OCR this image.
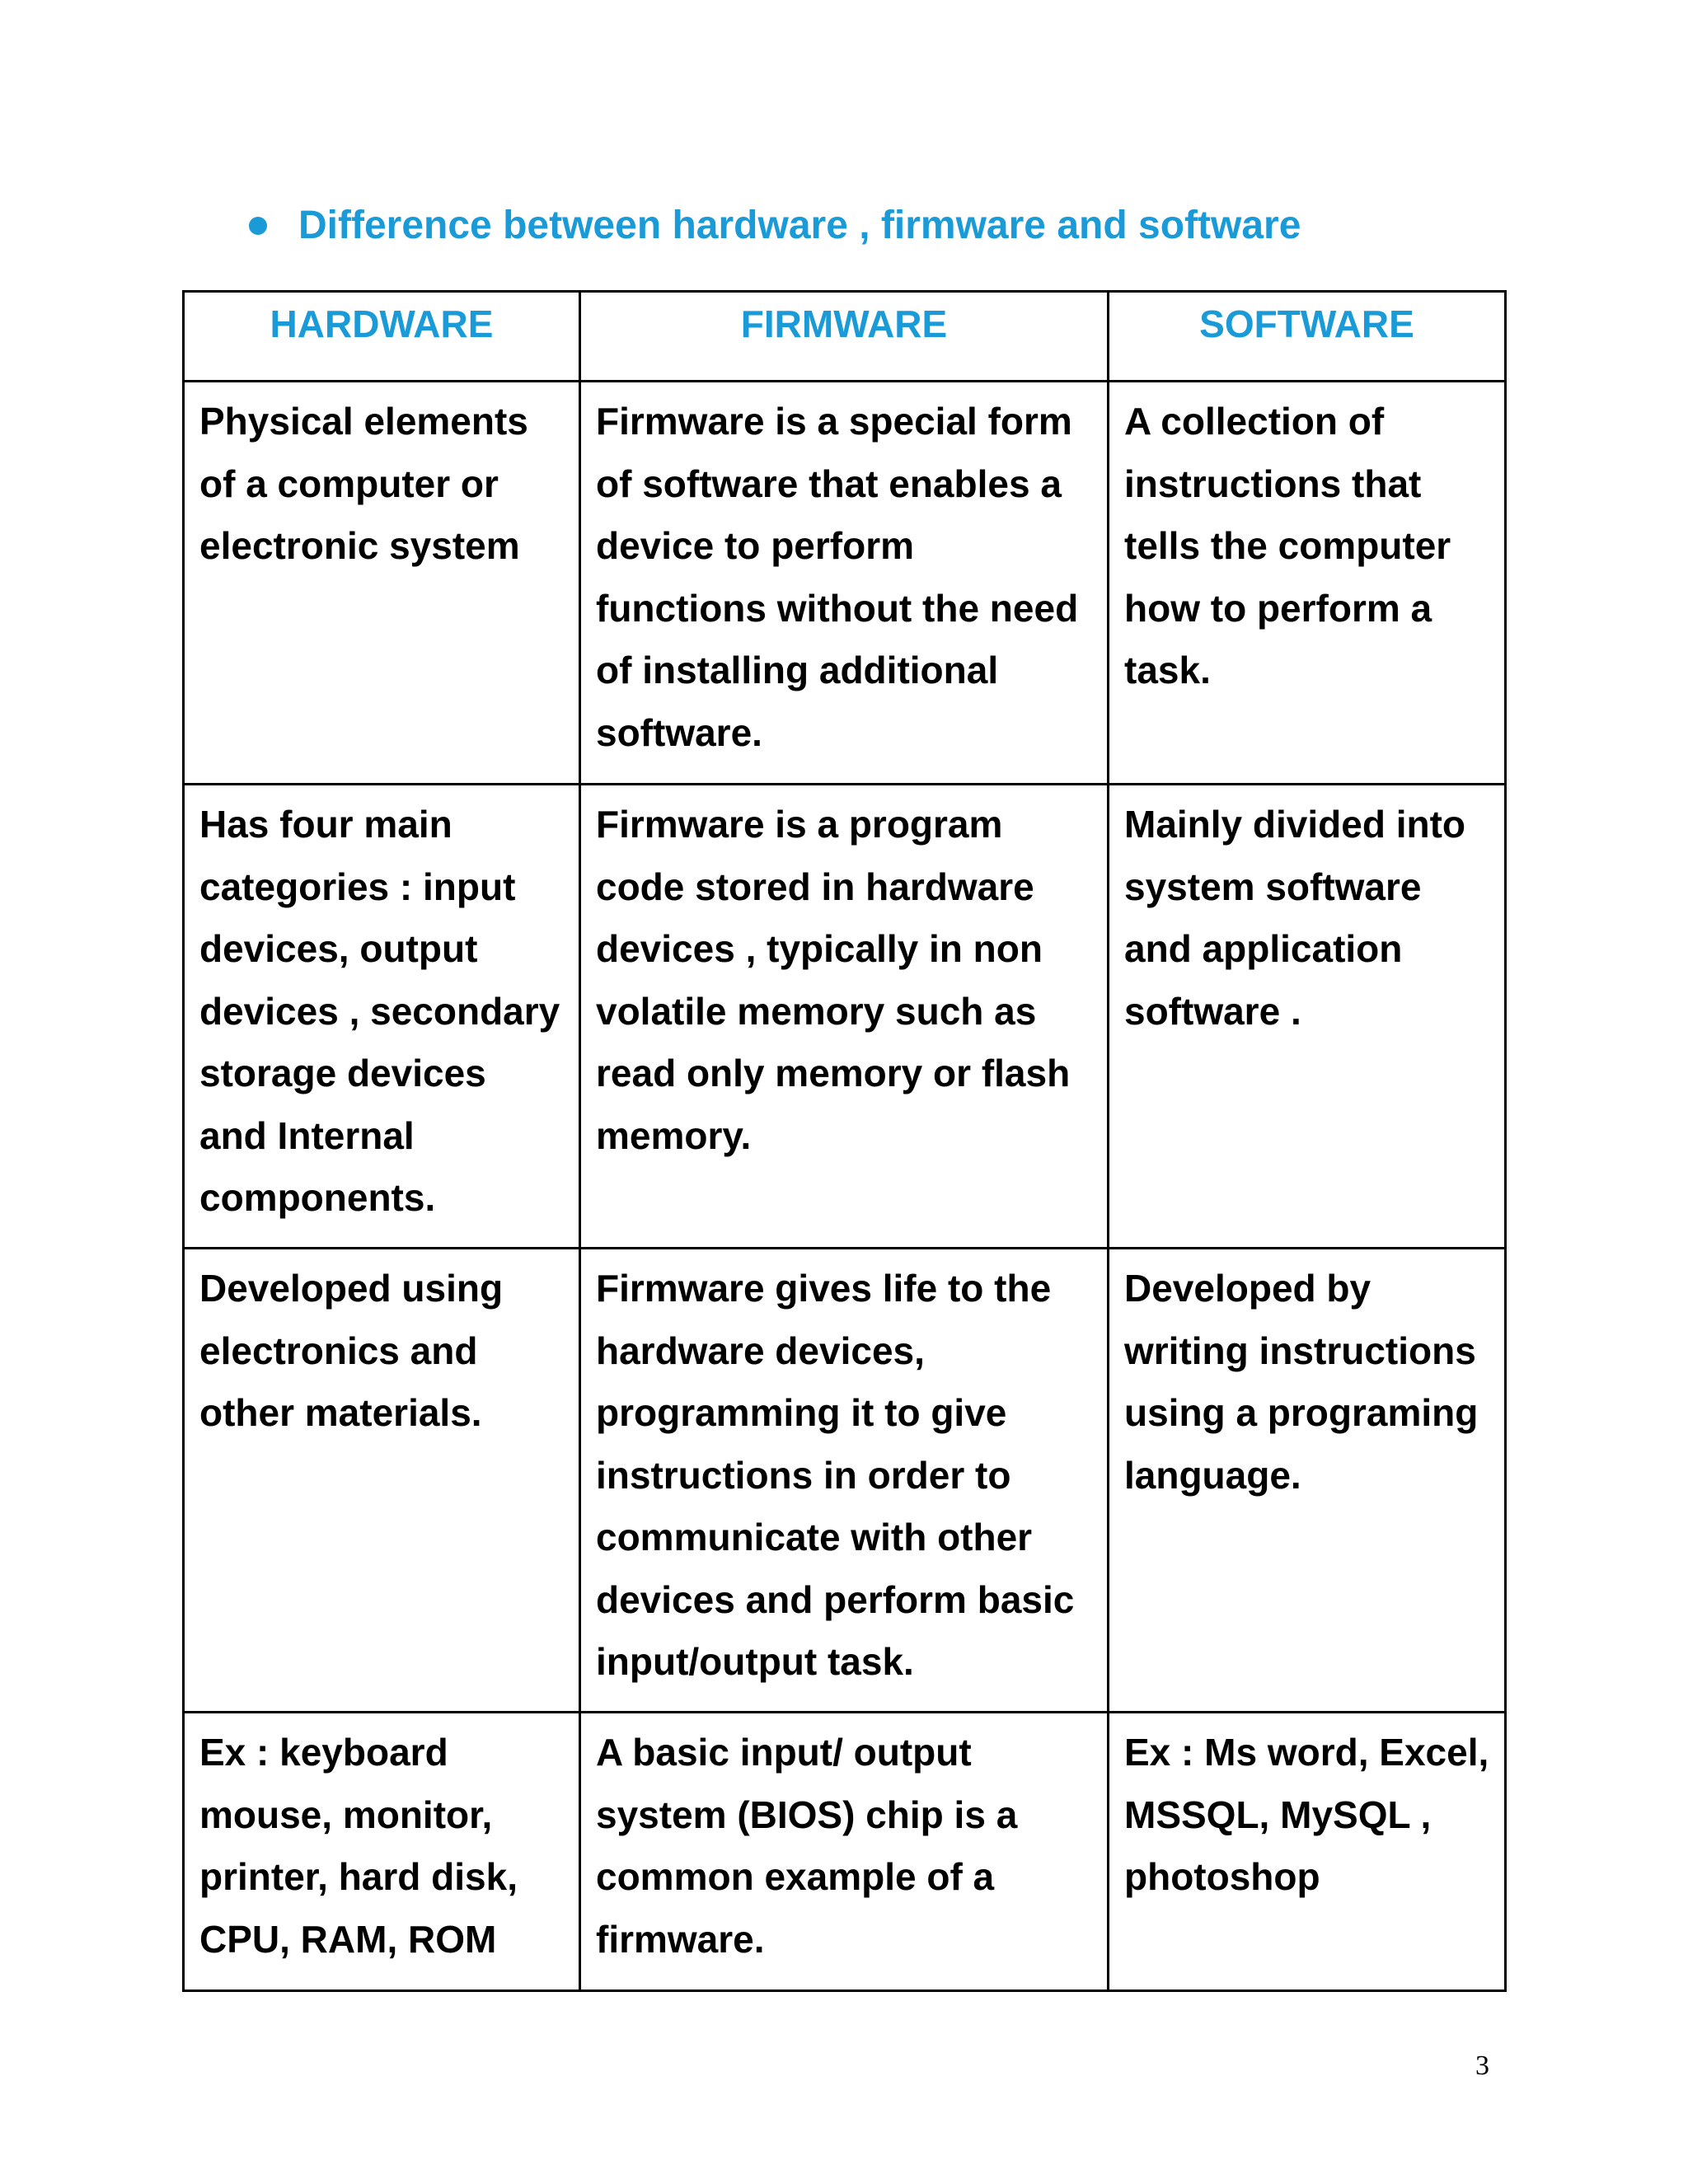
Difference between hardware , firmware and software
HARDWARE	FIRMWARE	SOFTWARE
Physical elements of a computer or electronic system	Firmware is a special form of software that enables a device to perform functions without the need of installing additional software.	A collection of instructions that tells the computer how to perform a task.
Has four main categories : input devices, output devices , secondary storage devices and Internal components.	Firmware is a program code stored in hardware devices , typically in non volatile memory such as read only memory or flash memory.	Mainly divided into system software and application software .
Developed using electronics and other materials.	Firmware gives life to the hardware devices, programming it to give instructions in order to communicate with other devices and perform basic input/output task.	Developed by writing instructions using a programing language.
Ex : keyboard mouse, monitor, printer, hard disk, CPU, RAM, ROM	A basic input/ output system (BIOS) chip is a common example of a firmware.	Ex : Ms word, Excel, MSSQL, MySQL , photoshop
3
